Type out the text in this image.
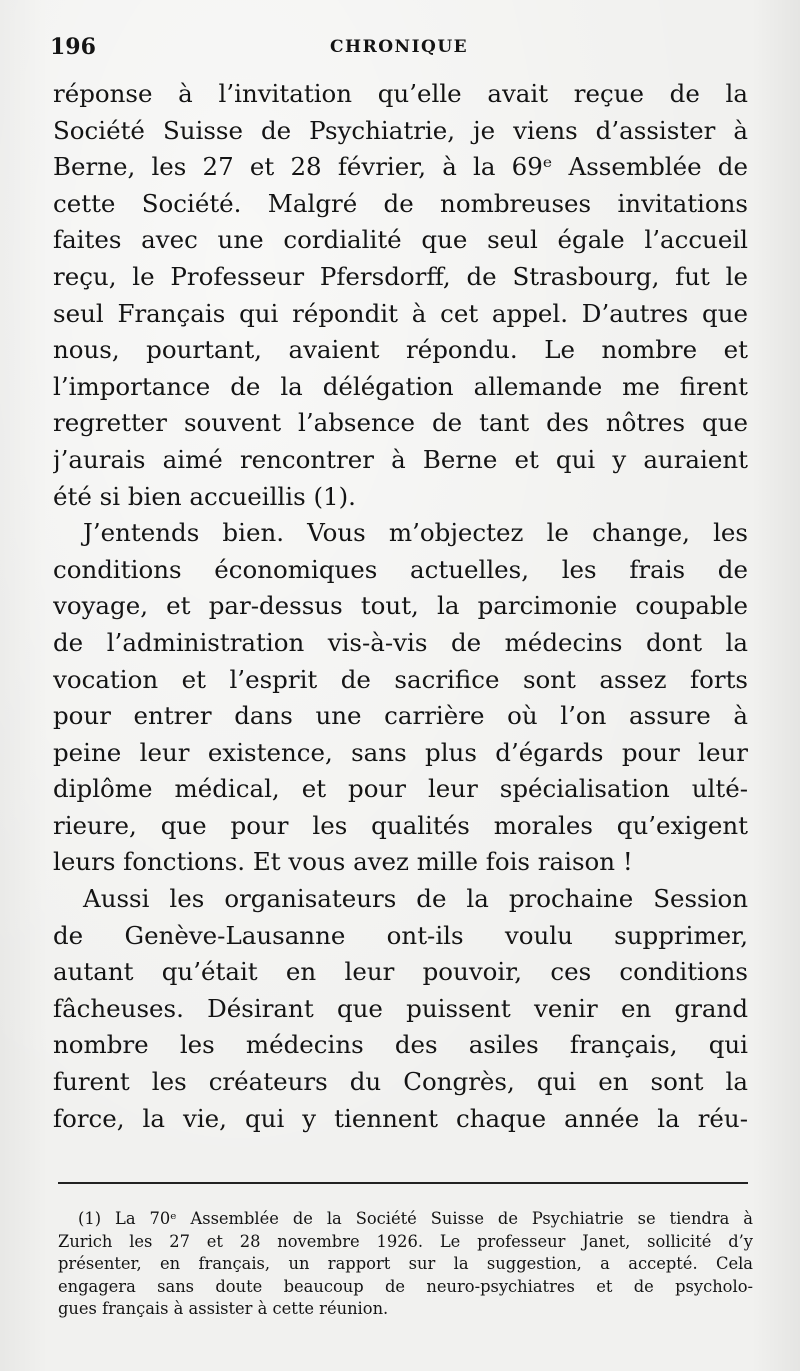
196	CHRONIQUE
réponse à l’invitation qu’elle avait reçue de la
Société Suisse de Psychiatrie, je viens d’assister à
Berne, les 27 et 28 février, à la 69ᵉ Assemblée de
cette Société. Malgré de nombreuses invitations
faites avec une cordialité que seul égale l’accueil
reçu, le Professeur Pfersdorff, de Strasbourg, fut le
seul Français qui répondit à cet appel. D’autres que
nous, pourtant, avaient répondu. Le nombre et
l’importance de la délégation allemande me firent
regretter souvent l’absence de tant des nôtres que
j’aurais aimé rencontrer à Berne et qui y auraient
été si bien accueillis (1).
J’entends bien. Vous m’objectez le change, les
conditions économiques actuelles, les frais de
voyage, et par-dessus tout, la parcimonie coupable
de l’administration vis-à-vis de médecins dont la
vocation et l’esprit de sacrifice sont assez forts
pour entrer dans une carrière où l’on assure à
peine leur existence, sans plus d’égards pour leur
diplôme médical, et pour leur spécialisation ulté-
rieure, que pour les qualités morales qu’exigent
leurs fonctions. Et vous avez mille fois raison !
Aussi les organisateurs de la prochaine Session
de Genève-Lausanne ont-ils voulu supprimer,
autant qu’était en leur pouvoir, ces conditions
fâcheuses. Désirant que puissent venir en grand
nombre les médecins des asiles français, qui
furent les créateurs du Congrès, qui en sont la
force, la vie, qui y tiennent chaque année la réu-
(1) La 70ᵉ Assemblée de la Société Suisse de Psychiatrie se tiendra à
Zurich les 27 et 28 novembre 1926. Le professeur Janet, sollicité d’y
présenter, en français, un rapport sur la suggestion, a accepté. Cela
engagera sans doute beaucoup de neuro-psychiatres et de psycholo-
gues français à assister à cette réunion.
